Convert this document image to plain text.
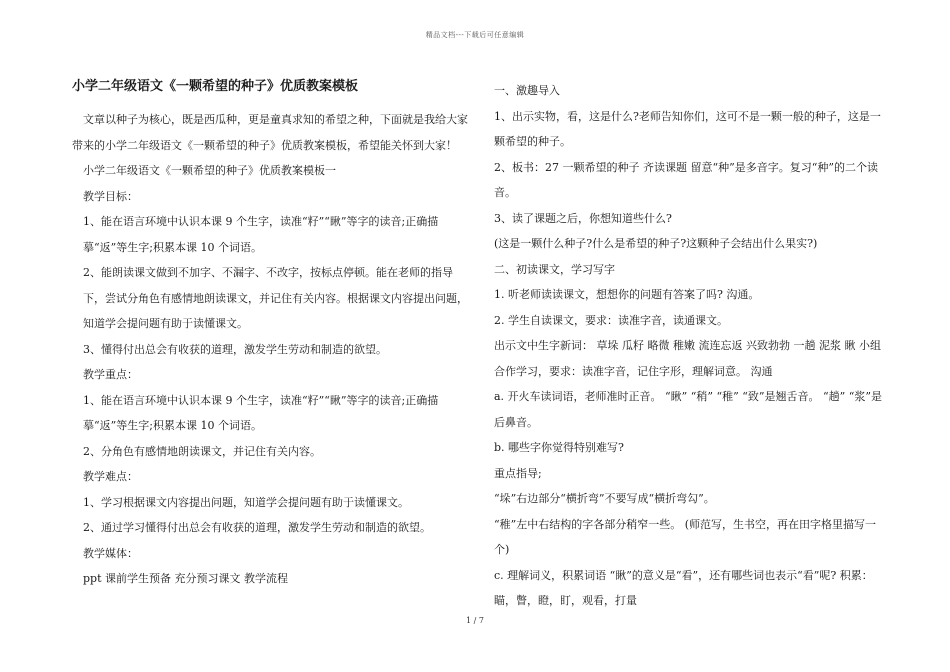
精品文档---下载后可任意编辑
小学二年级语文《一颗希望的种子》优质教案模板

文章以种子为核心，既是西瓜种，更是童真求知的希望之种，下面就是我给大家带来的小学二年级语文《一颗希望的种子》优质教案模板，希望能关怀到大家！

小学二年级语文《一颗希望的种子》优质教案模板一

教学目标：

1、能在语言环境中认识本课 9 个生字，读准“籽”“瞅”等字的读音;正确描摹“返”等生字;积累本课 10 个词语。

2、能朗读课文做到不加字、不漏字、不改字，按标点停顿。能在老师的指导下，尝试分角色有感情地朗读课文，并记住有关内容。根据课文内容提出问题，知道学会提问题有助于读懂课文。

3、懂得付出总会有收获的道理，激发学生劳动和制造的欲望。

教学重点：

1、能在语言环境中认识本课 9 个生字，读准“籽”“瞅”等字的读音;正确描摹“返”等生字;积累本课 10 个词语。

2、分角色有感情地朗读课文，并记住有关内容。

教学难点：

1、学习根据课文内容提出问题，知道学会提问题有助于读懂课文。

2、通过学习懂得付出总会有收获的道理，激发学生劳动和制造的欲望。

教学媒体：

ppt 课前学生预备 充分预习课文 教学流程

一、激趣导入

1、出示实物，看，这是什么?老师告知你们，这可不是一颗一般的种子，这是一颗希望的种子。

2、板书：27 一颗希望的种子 齐读课题 留意“种”是多音字。复习“种”的二个读音。

3、读了课题之后，你想知道些什么?

(这是一颗什么种子?什么是希望的种子?这颗种子会结出什么果实?)

二、初读课文，学习写字

1. 听老师读读课文，想想你的问题有答案了吗? 沟通。

2. 学生自读课文，要求：读准字音，读通课文。

出示文中生字新词： 草垛 瓜籽 略微 稚嫩 流连忘返 兴致勃勃 一趟 泥浆 瞅 小组合作学习，要求：读准字音，记住字形，理解词意。 沟通

a. 开火车读词语，老师准时正音。 “瞅” “稍” “稚” “致”是翘舌音。 “趟” “浆”是后鼻音。

b. 哪些字你觉得特别难写?

重点指导;

“垛”右边部分“横折弯”不要写成“横折弯勾”。

“稚”左中右结构的字各部分稍窄一些。 (师范写，生书空，再在田字格里描写一个)

c. 理解词义，积累词语 “瞅”的意义是“看”，还有哪些词也表示“看”呢? 积累：瞄，瞥，瞪，盯，观看，打量

1 / 7
